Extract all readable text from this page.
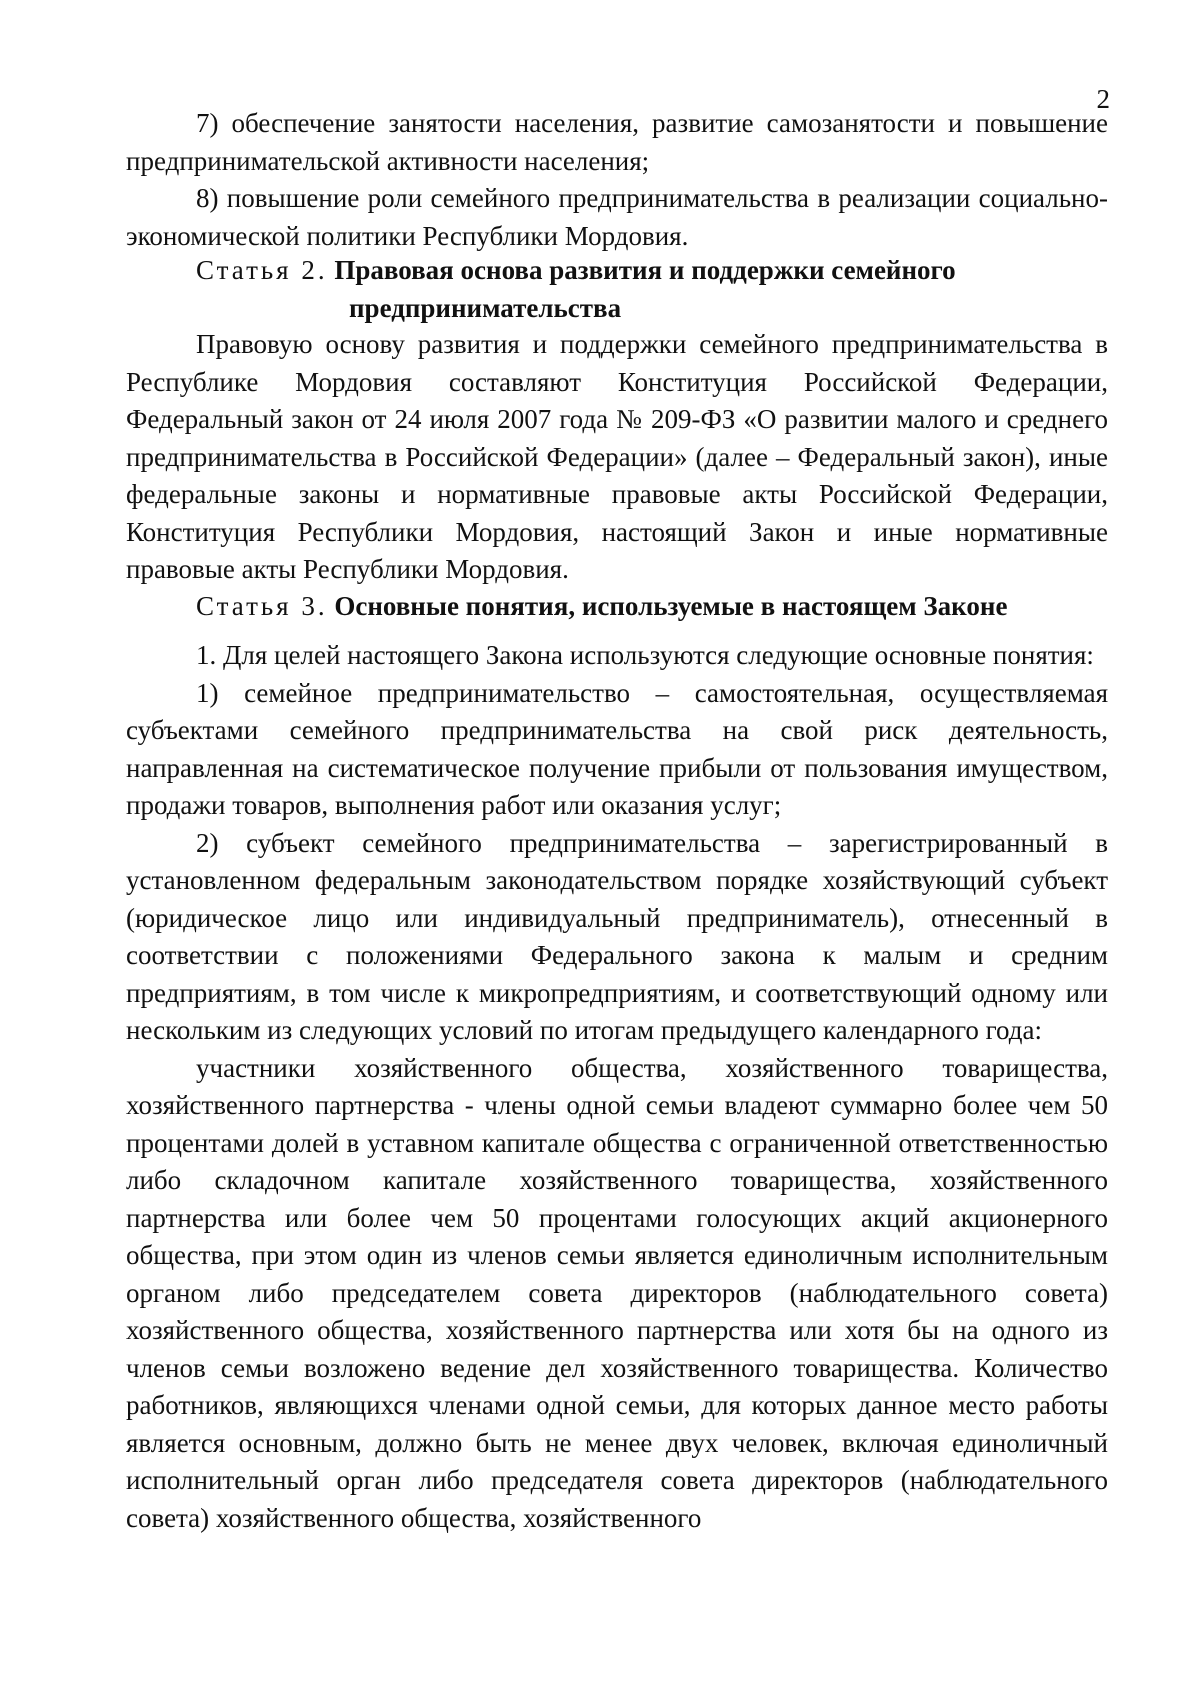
2

7) обеспечение занятости населения, развитие самозанятости и повышение предпринимательской активности населения;

8) повышение роли семейного предпринимательства в реализации социально-экономической политики Республики Мордовия.

Статья 2. Правовая основа развития и поддержки семейного
предпринимательства

Правовую основу развития и поддержки семейного предпринимательства в Республике Мордовия составляют Конституция Российской Федерации, Федеральный закон от 24 июля 2007 года № 209-ФЗ «О развитии малого и среднего предпринимательства в Российской Федерации» (далее – Федеральный закон), иные федеральные законы и нормативные правовые акты Российской Федерации, Конституция Республики Мордовия, настоящий Закон и иные нормативные правовые акты Республики Мордовия.

Статья 3. Основные понятия, используемые в настоящем Законе

1. Для целей настоящего Закона используются следующие основные понятия:

1) семейное предпринимательство – самостоятельная, осуществляемая субъектами семейного предпринимательства на свой риск деятельность, направленная на систематическое получение прибыли от пользования имуществом, продажи товаров, выполнения работ или оказания услуг;

2) субъект семейного предпринимательства – зарегистрированный в установленном федеральным законодательством порядке хозяйствующий субъект (юридическое лицо или индивидуальный предприниматель), отнесенный в соответствии с положениями Федерального закона к малым и средним предприятиям, в том числе к микропредприятиям, и соответствующий одному или нескольким из следующих условий по итогам предыдущего календарного года:

участники хозяйственного общества, хозяйственного товарищества, хозяйственного партнерства - члены одной семьи владеют суммарно более чем 50 процентами долей в уставном капитале общества с ограниченной ответственностью либо складочном капитале хозяйственного товарищества, хозяйственного партнерства или более чем 50 процентами голосующих акций акционерного общества, при этом один из членов семьи является единоличным исполнительным органом либо председателем совета директоров (наблюдательного совета) хозяйственного общества, хозяйственного партнерства или хотя бы на одного из членов семьи возложено ведение дел хозяйственного товарищества. Количество работников, являющихся членами одной семьи, для которых данное место работы является основным, должно быть не менее двух человек, включая единоличный исполнительный орган либо председателя совета директоров (наблюдательного совета) хозяйственного общества, хозяйственного
